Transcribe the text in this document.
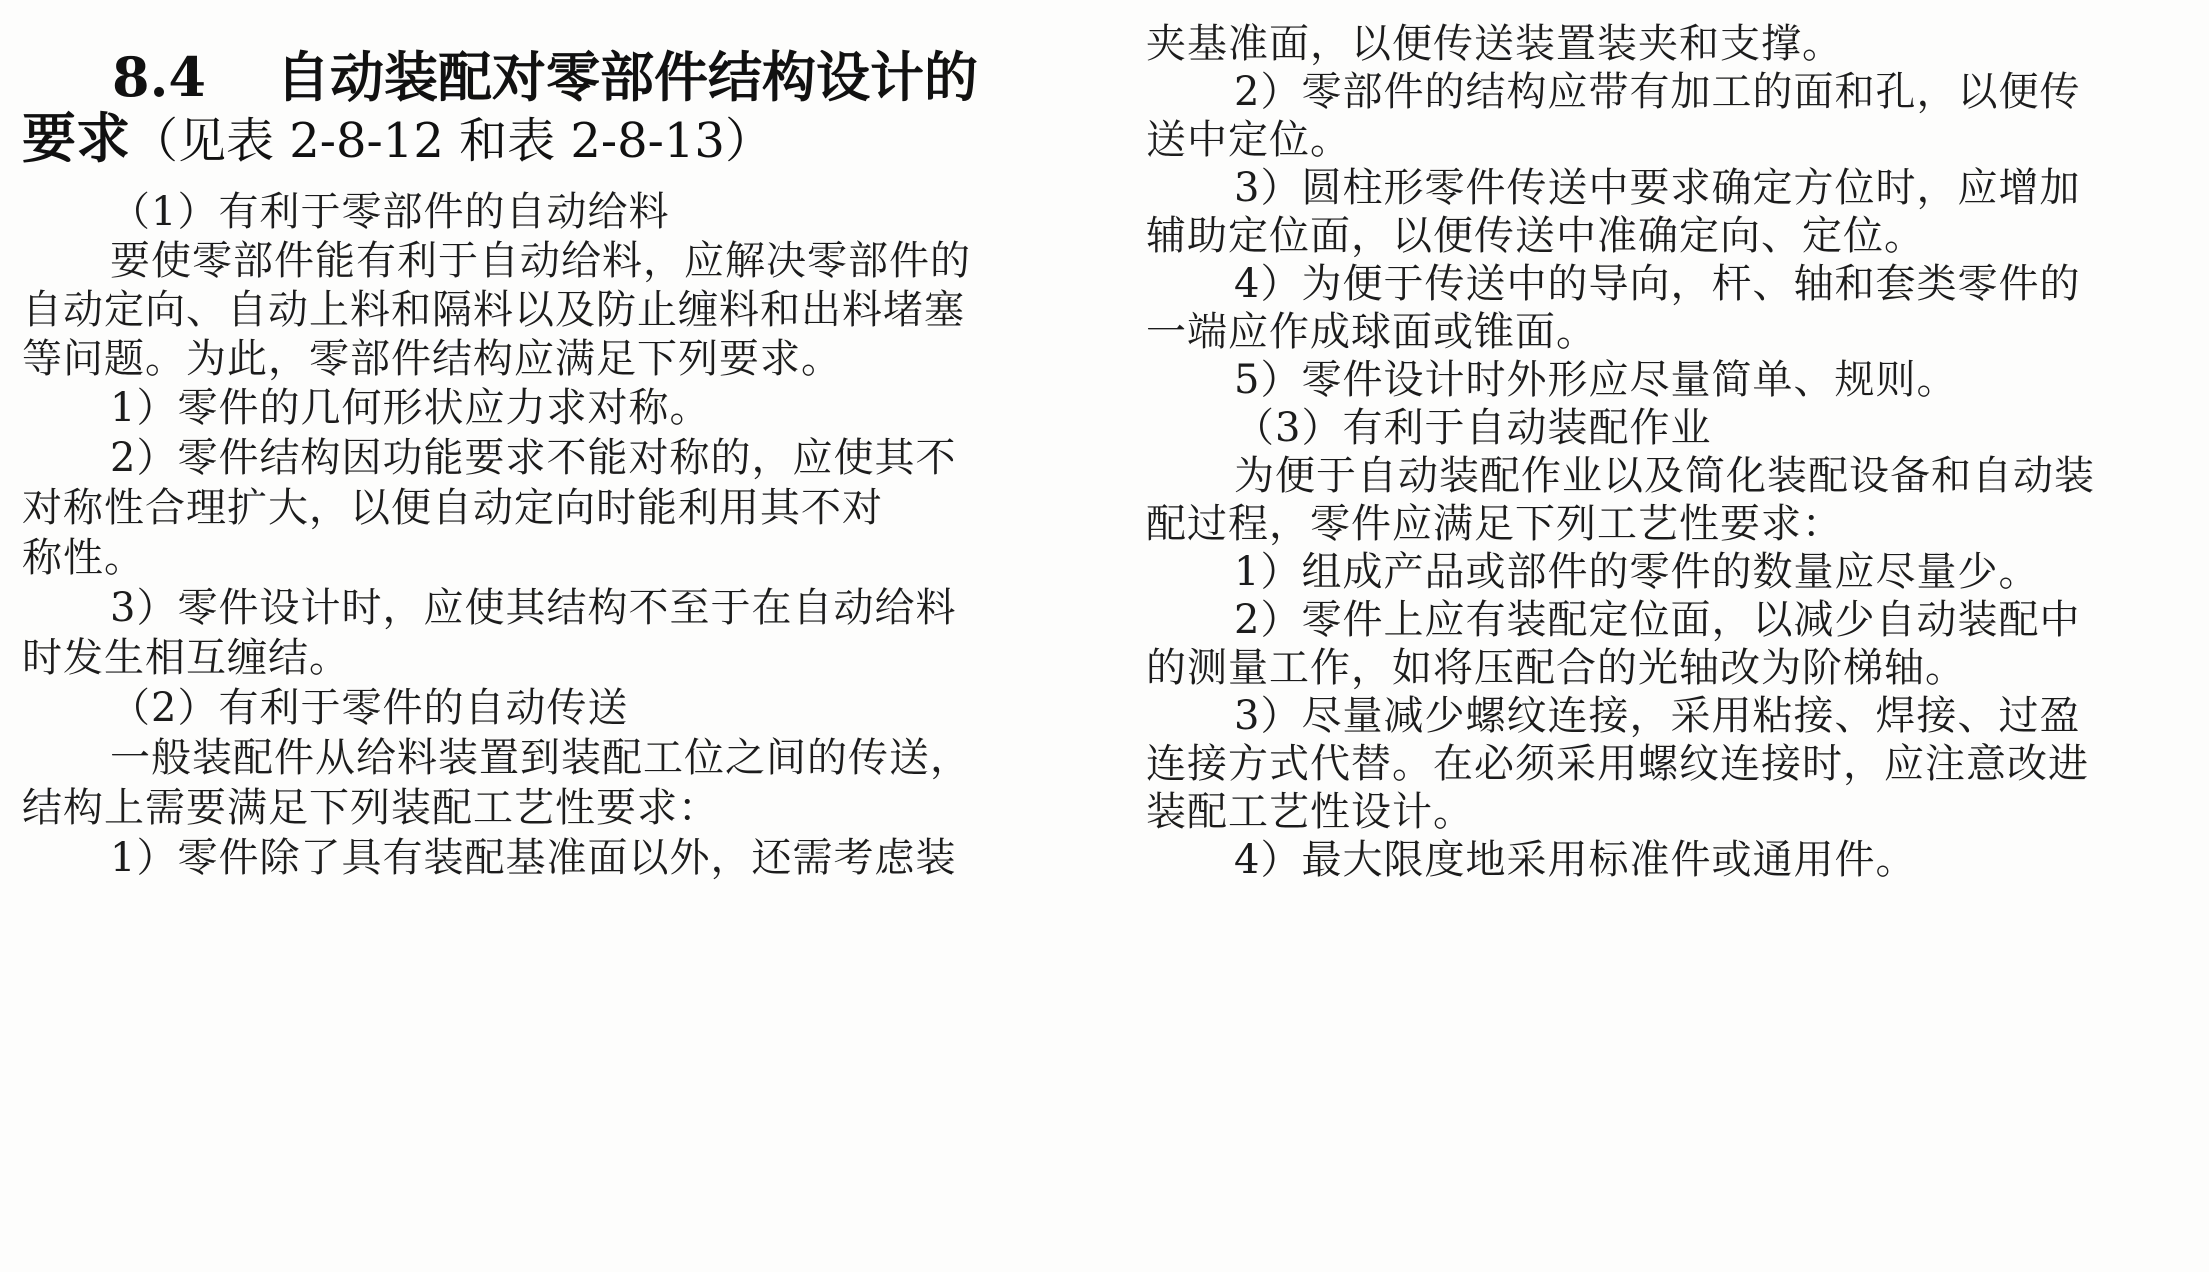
8.4 自动装配对零部件结构设计的
要求（见表 2-8-12 和表 2-8-13）
（1）有利于零部件的自动给料
要使零部件能有利于自动给料，应解决零部件的
自动定向、自动上料和隔料以及防止缠料和出料堵塞
等问题。为此，零部件结构应满足下列要求。
1）零件的几何形状应力求对称。
2）零件结构因功能要求不能对称的，应使其不
对称性合理扩大，以便自动定向时能利用其不对
称性。
3）零件设计时，应使其结构不至于在自动给料
时发生相互缠结。
（2）有利于零件的自动传送
一般装配件从给料装置到装配工位之间的传送，
结构上需要满足下列装配工艺性要求：
1）零件除了具有装配基准面以外，还需考虑装
夹基准面，以便传送装置装夹和支撑。
2）零部件的结构应带有加工的面和孔，以便传
送中定位。
3）圆柱形零件传送中要求确定方位时，应增加
辅助定位面，以便传送中准确定向、定位。
4）为便于传送中的导向，杆、轴和套类零件的
一端应作成球面或锥面。
5）零件设计时外形应尽量简单、规则。
（3）有利于自动装配作业
为便于自动装配作业以及简化装配设备和自动装
配过程，零件应满足下列工艺性要求：
1）组成产品或部件的零件的数量应尽量少。
2）零件上应有装配定位面，以减少自动装配中
的测量工作，如将压配合的光轴改为阶梯轴。
3）尽量减少螺纹连接，采用粘接、焊接、过盈
连接方式代替。在必须采用螺纹连接时，应注意改进
装配工艺性设计。
4）最大限度地采用标准件或通用件。
